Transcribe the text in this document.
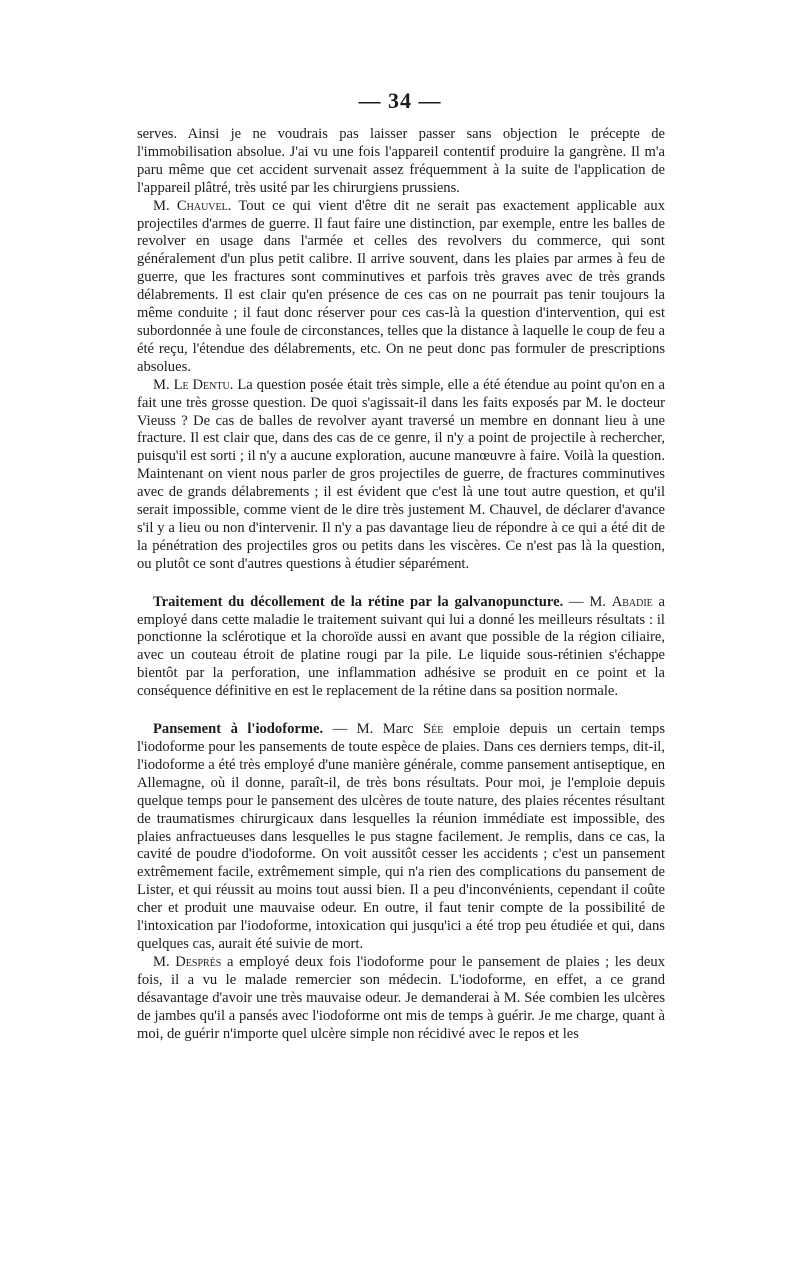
— 34 —

serves. Ainsi je ne voudrais pas laisser passer sans objection le précepte de l'immobilisation absolue. J'ai vu une fois l'appareil contentif produire la gangrène. Il m'a paru même que cet accident survenait assez fréquemment à la suite de l'application de l'appareil plâtré, très usité par les chirurgiens prussiens.

M. Chauvel. Tout ce qui vient d'être dit ne serait pas exactement applicable aux projectiles d'armes de guerre. Il faut faire une distinction, par exemple, entre les balles de revolver en usage dans l'armée et celles des revolvers du commerce, qui sont généralement d'un plus petit calibre. Il arrive souvent, dans les plaies par armes à feu de guerre, que les fractures sont comminutives et parfois très graves avec de très grands délabrements. Il est clair qu'en présence de ces cas on ne pourrait pas tenir toujours la même conduite ; il faut donc réserver pour ces cas-là la question d'intervention, qui est subordonnée à une foule de circonstances, telles que la distance à laquelle le coup de feu a été reçu, l'étendue des délabrements, etc. On ne peut donc pas formuler de prescriptions absolues.

M. Le Dentu. La question posée était très simple, elle a été étendue au point qu'on en a fait une très grosse question. De quoi s'agissait-il dans les faits exposés par M. le docteur Vieuss ? De cas de balles de revolver ayant traversé un membre en donnant lieu à une fracture. Il est clair que, dans des cas de ce genre, il n'y a point de projectile à rechercher, puisqu'il est sorti ; il n'y a aucune exploration, aucune manœuvre à faire. Voilà la question. Maintenant on vient nous parler de gros projectiles de guerre, de fractures comminutives avec de grands délabrements ; il est évident que c'est là une tout autre question, et qu'il serait impossible, comme vient de le dire très justement M. Chauvel, de déclarer d'avance s'il y a lieu ou non d'intervenir. Il n'y a pas davantage lieu de répondre à ce qui a été dit de la pénétration des projectiles gros ou petits dans les viscères. Ce n'est pas là la question, ou plutôt ce sont d'autres questions à étudier séparément.

Traitement du décollement de la rétine par la galvanopuncture. — M. Abadie a employé dans cette maladie le traitement suivant qui lui a donné les meilleurs résultats : il ponctionne la sclérotique et la choroïde aussi en avant que possible de la région ciliaire, avec un couteau étroit de platine rougi par la pile. Le liquide sous-rétinien s'échappe bientôt par la perforation, une inflammation adhésive se produit en ce point et la conséquence définitive en est le replacement de la rétine dans sa position normale.

Pansement à l'iodoforme. — M. Marc Sée emploie depuis un certain temps l'iodoforme pour les pansements de toute espèce de plaies. Dans ces derniers temps, dit-il, l'iodoforme a été très employé d'une manière générale, comme pansement antiseptique, en Allemagne, où il donne, paraît-il, de très bons résultats. Pour moi, je l'emploie depuis quelque temps pour le pansement des ulcères de toute nature, des plaies récentes résultant de traumatismes chirurgicaux dans lesquelles la réunion immédiate est impossible, des plaies anfractueuses dans lesquelles le pus stagne facilement. Je remplis, dans ce cas, la cavité de poudre d'iodoforme. On voit aussitôt cesser les accidents ; c'est un pansement extrêmement facile, extrêmement simple, qui n'a rien des complications du pansement de Lister, et qui réussit au moins tout aussi bien. Il a peu d'inconvénients, cependant il coûte cher et produit une mauvaise odeur. En outre, il faut tenir compte de la possibilité de l'intoxication par l'iodoforme, intoxication qui jusqu'ici a été trop peu étudiée et qui, dans quelques cas, aurait été suivie de mort.

M. Desprès a employé deux fois l'iodoforme pour le pansement de plaies ; les deux fois, il a vu le malade remercier son médecin. L'iodoforme, en effet, a ce grand désavantage d'avoir une très mauvaise odeur. Je demanderai à M. Sée combien les ulcères de jambes qu'il a pansés avec l'iodoforme ont mis de temps à guérir. Je me charge, quant à moi, de guérir n'importe quel ulcère simple non récidivé avec le repos et les
